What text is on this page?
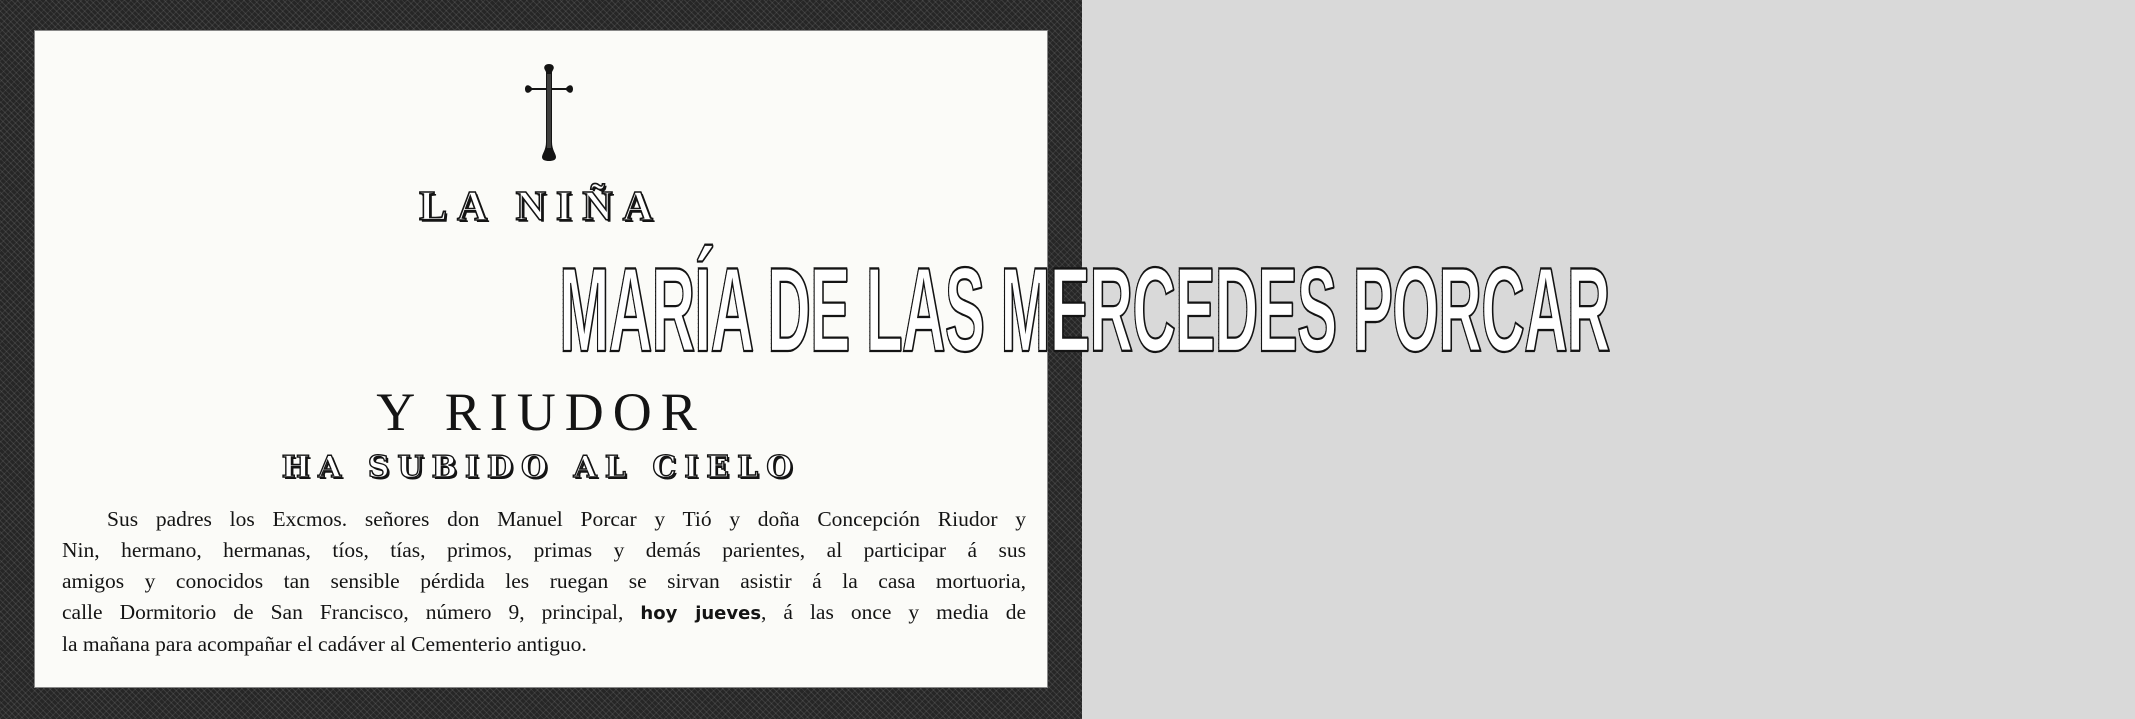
LA NIÑA
MARÍA DE LAS MERCEDES PORCAR
Y RIUDOR
HA SUBIDO AL CIELO

Sus padres los Excmos. señores don Manuel Porcar y Tió y doña Concepción Riudor y

Nin, hermano, hermanas, tíos, tías, primos, primas y demás parientes, al participar á sus

amigos y conocidos tan sensible pérdida les ruegan se sirvan asistir á la casa mortuoria,

calle Dormitorio de San Francisco, número 9, principal, hoy jueves, á las once y media de

la mañana para acompañar el cadáver al Cementerio antiguo.
